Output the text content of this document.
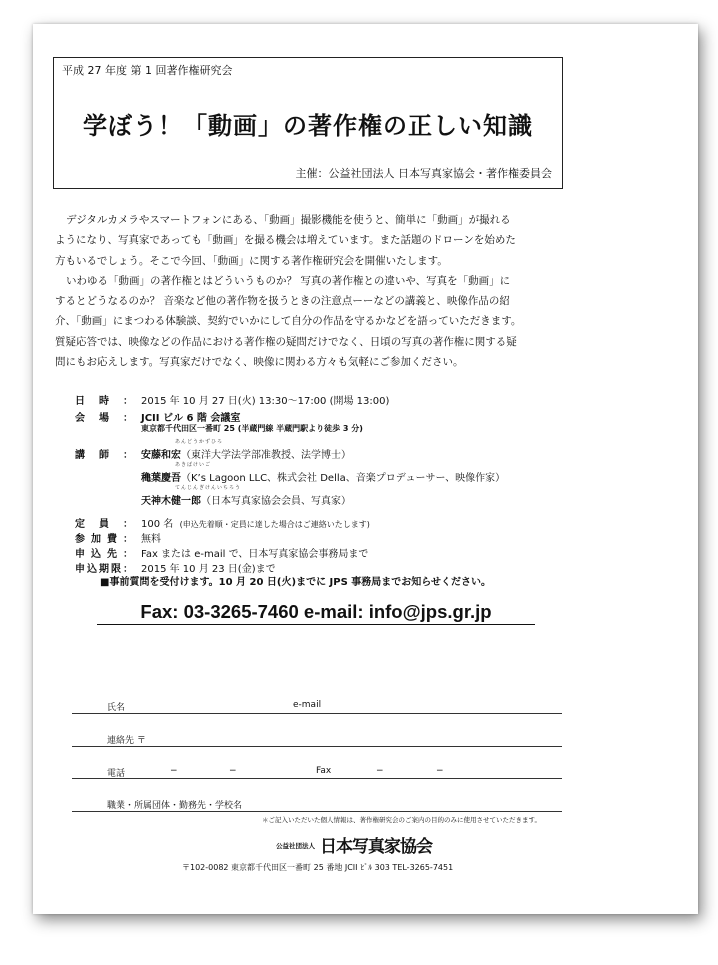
平成 27 年度 第 1 回著作権研究会
学ぼう！「動画」の著作権の正しい知識
主催：公益社団法人 日本写真家協会・著作権委員会

デジタルカメラやスマートフォンにある、「動画」撮影機能を使うと、簡単に「動画」が撮れる

ようになり、写真家であっても「動画」を撮る機会は増えています。また話題のドローンを始めた

方もいるでしょう。そこで今回、「動画」に関する著作権研究会を開催いたします。

いわゆる「動画」の著作権とはどういうものか？ 写真の著作権との違いや、写真を「動画」に

するとどうなるのか？ 音楽など他の著作物を扱うときの注意点ーーなどの講義と、映像作品の紹

介、「動画」にまつわる体験談、契約でいかにして自分の作品を守るかなどを語っていただきます。

質疑応答では、映像などの作品における著作権の疑問だけでなく、日頃の写真の著作権に関する疑

問にもお応えします。写真家だけでなく、映像に関わる方々も気軽にご参加ください。

日時： 2015 年 10 月 27 日(火) 13:30～17:00 (開場 13:00)
会場： JCII ビル 6 階 会議室
東京都千代田区一番町 25 (半蔵門線 半蔵門駅より徒歩 3 分)
講師：
あんどうかずひろ
安藤和宏（東洋大学法学部准教授、法学博士）
あきばけいご
穐葉慶吾（K’s Lagoon LLC、株式会社 Della、音楽プロデューサー、映像作家）
てんじんぎけんいちろう
天神木健一郎（日本写真家協会会員、写真家）
定員： 100 名 (申込先着順・定員に達した場合はご連絡いたします)
参加費： 無料
申込先： Fax または e-mail で、日本写真家協会事務局まで
申込期限： 2015 年 10 月 23 日(金)まで
■事前質問を受付けます。10 月 20 日(火)までに JPS 事務局までお知らせください。
Fax: 03-3265-7460 e-mail: info@jps.gr.jp
氏名	e-mail
連絡先 〒
電話	−	−	Fax	−	−
職業・所属団体・勤務先・学校名
＊ご記入いただいた個人情報は、著作権研究会のご案内の目的のみに使用させていただきます。
公益社団法人 日本写真家協会
〒102-0082 東京都千代田区一番町 25 番地 JCII ﾋﾞﾙ 303 TEL-3265-7451
